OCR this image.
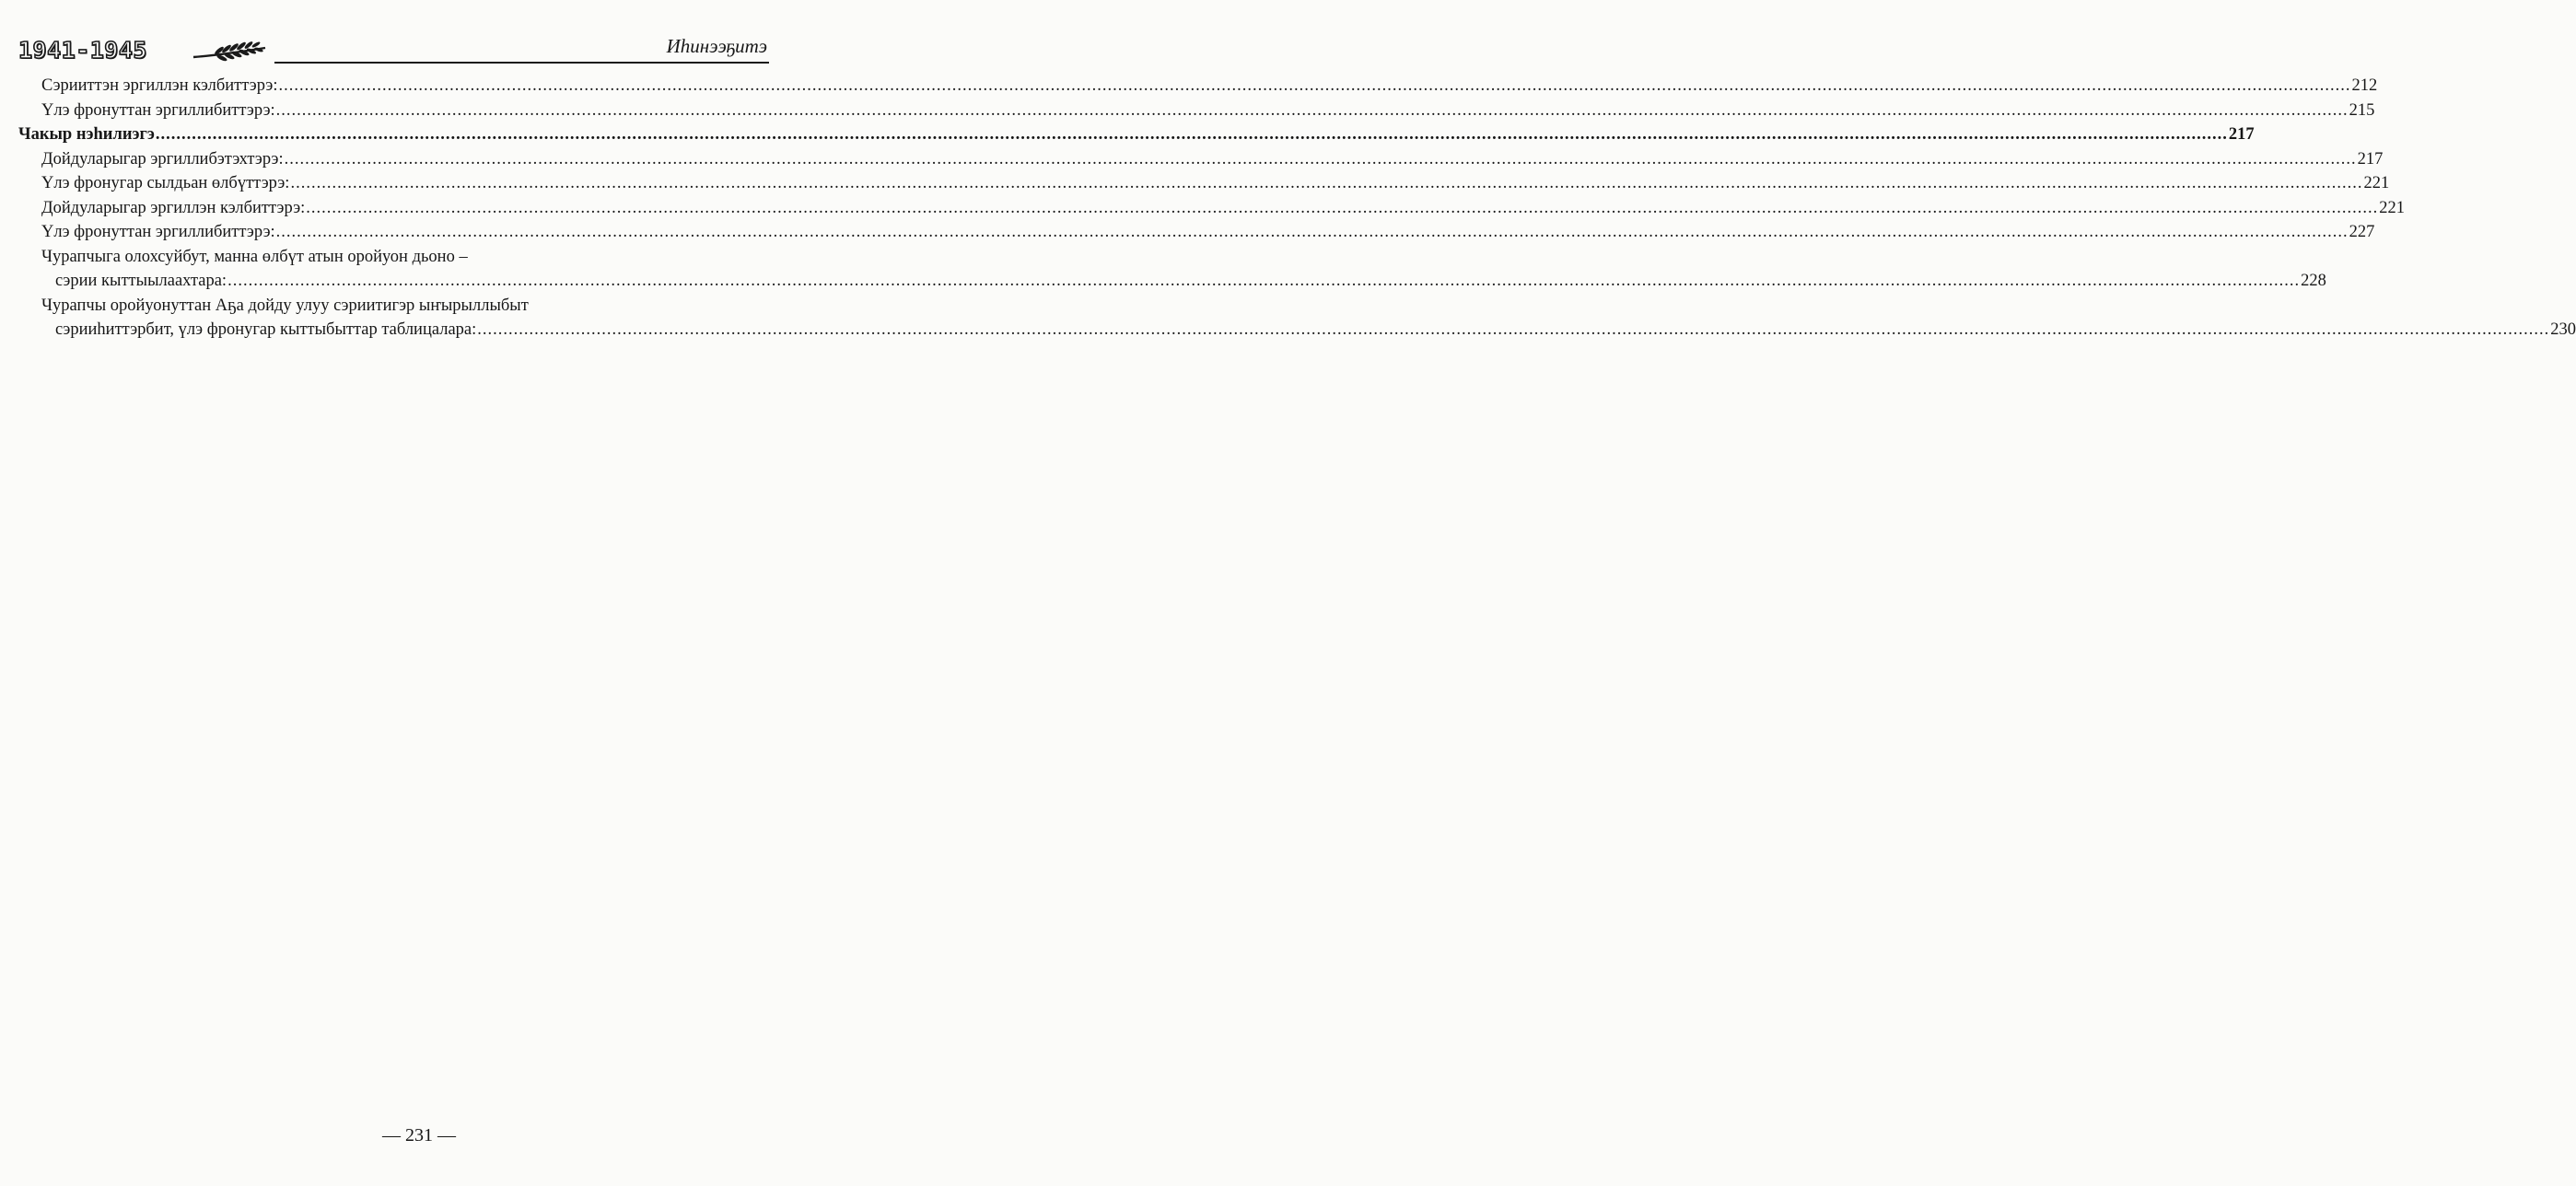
1941-1945	Иһинээҕитэ
Сэрииттэн эргиллэн кэлбиттэрэ: ................................................................................................................................................................................................................................................................................................................................................................................................................ 212
Үлэ фронуттан эргиллибиттэрэ: ................................................................................................................................................................................................................................................................................................................................................................................................................ 215
Чакыр нэһилиэгэ ................................................................................................................................................................................................................................................................................................................................................................................................................ 217
Дойдуларыгар эргиллибэтэхтэрэ: ................................................................................................................................................................................................................................................................................................................................................................................................................ 217
Үлэ фронугар сылдьан өлбүттэрэ: ................................................................................................................................................................................................................................................................................................................................................................................................................ 221
Дойдуларыгар эргиллэн кэлбиттэрэ: ................................................................................................................................................................................................................................................................................................................................................................................................................ 221
Үлэ фронуттан эргиллибиттэрэ: ................................................................................................................................................................................................................................................................................................................................................................................................................ 227
Чурапчыга олохсуйбут, манна өлбүт атын оройуон дьоно –
сэрии кыттыылаахтара: ................................................................................................................................................................................................................................................................................................................................................................................................................ 228
Чурапчы оройуонуттан Аҕа дойду улуу сэриитигэр ыҥырыллыбыт
сэрииһиттэрбит, үлэ фронугар кыттыбыттар таблицалара: ................................................................................................................................................................................................................................................................................................................................................................................................................ 230
— 231 —
